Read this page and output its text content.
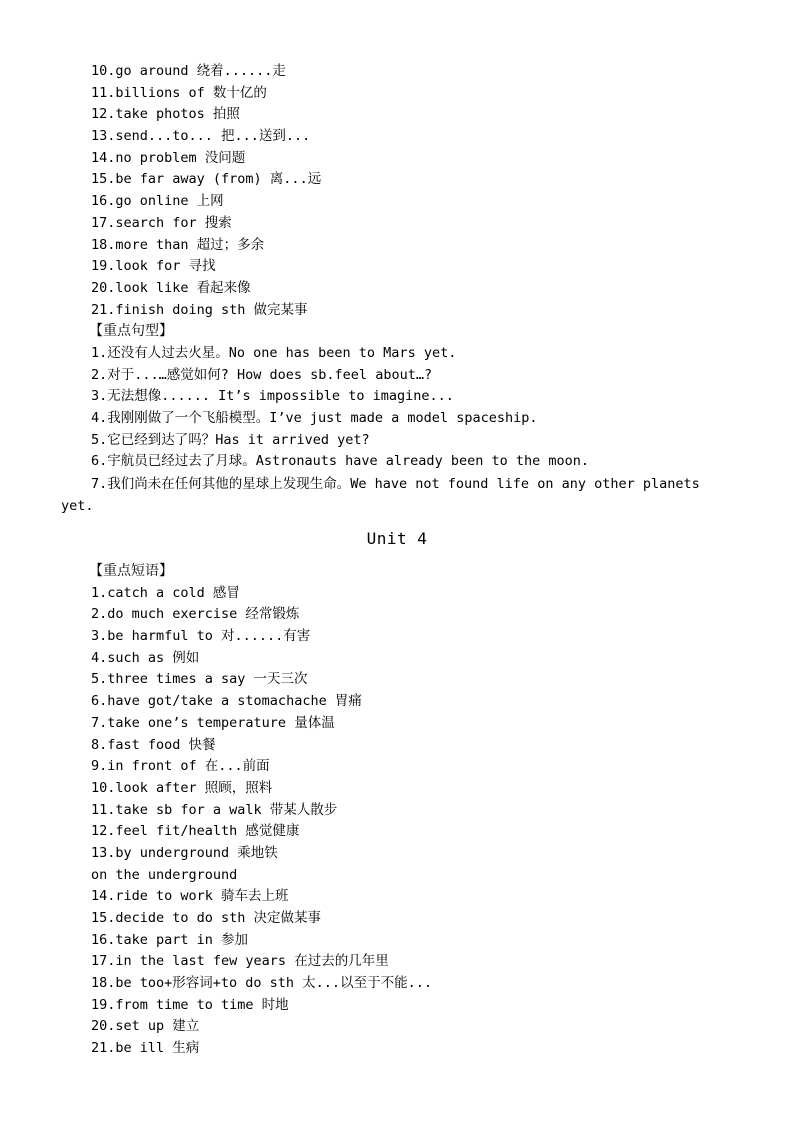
10.go around 绕着......走
11.billions of 数十亿的
12.take photos 拍照
13.send...to... 把...送到...
14.no problem 没问题
15.be far away (from) 离...远
16.go online 上网
17.search for 搜索
18.more than 超过；多余
19.look for 寻找
20.look like 看起来像
21.finish doing sth 做完某事
【重点句型】
1.还没有人过去火星。No one has been to Mars yet.
2.对于...…感觉如何? How does sb.feel about…?
3.无法想像...... It’s impossible to imagine...
4.我刚刚做了一个飞船模型。I’ve just made a model spaceship.
5.它已经到达了吗？Has it arrived yet?
6.宇航员已经过去了月球。Astronauts have already been to the moon.
7.我们尚未在任何其他的星球上发现生命。We have not found life on any other planets
yet.
Unit 4
【重点短语】
1.catch a cold 感冒
2.do much exercise 经常锻炼
3.be harmful to 对......有害
4.such as 例如
5.three times a say 一天三次
6.have got/take a stomachache 胃痛
7.take one’s temperature 量体温
8.fast food 快餐
9.in front of 在...前面
10.look after 照顾，照料
11.take sb for a walk 带某人散步
12.feel fit/health 感觉健康
13.by underground 乘地铁
on the underground
14.ride to work 骑车去上班
15.decide to do sth 决定做某事
16.take part in 参加
17.in the last few years 在过去的几年里
18.be too+形容词+to do sth 太...以至于不能...
19.from time to time 时地
20.set up 建立
21.be ill 生病
